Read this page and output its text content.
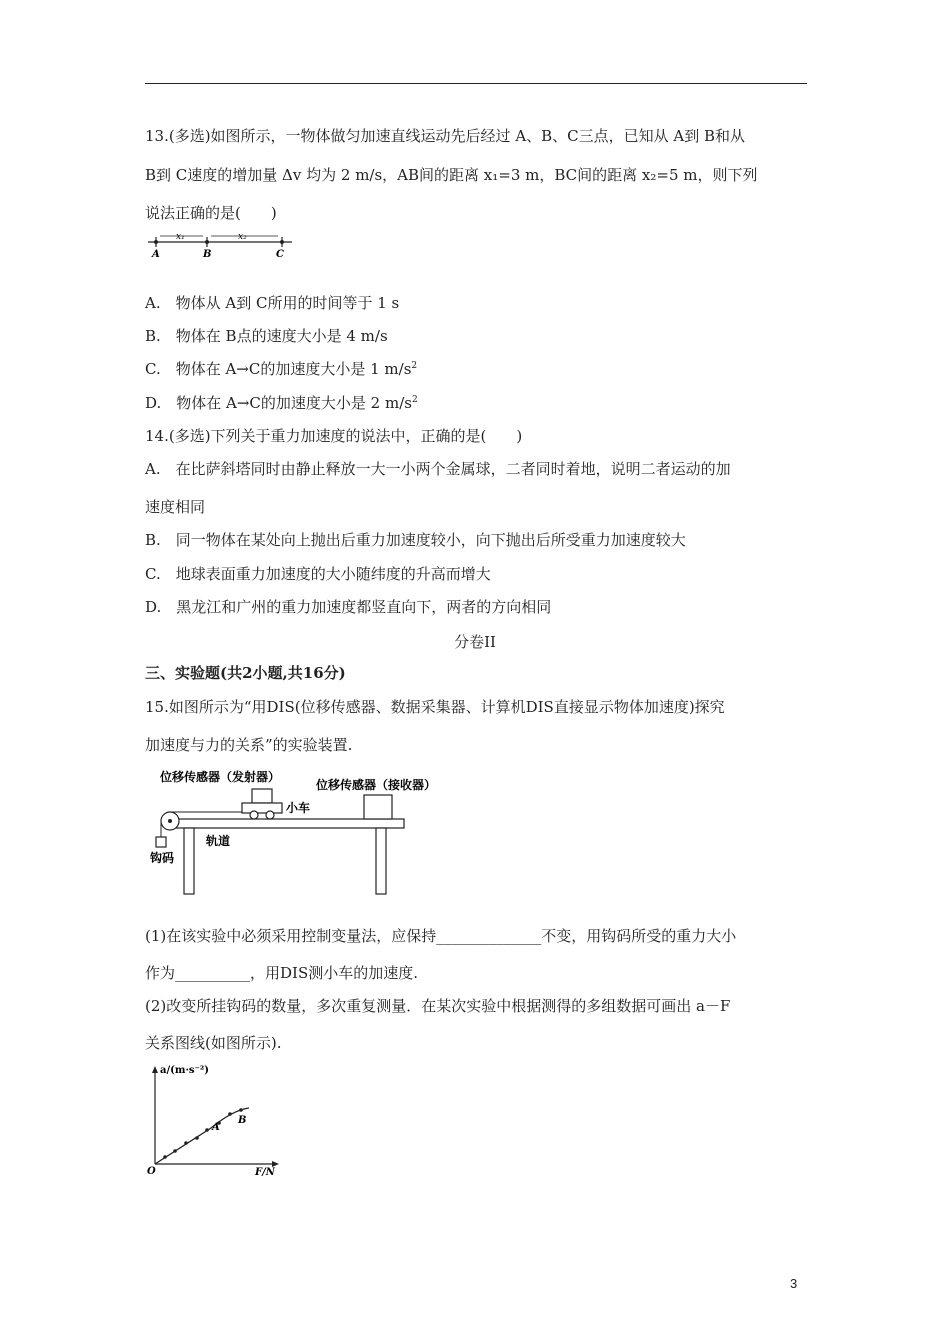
13.(多选)如图所示，一物体做匀加速直线运动先后经过 A、B、C三点，已知从 A到 B和从
B到 C速度的增加量 Δv 均为 2 m/s，AB间的距离 x₁=3 m，BC间的距离 x₂=5 m，则下列
说法正确的是(　　)
x₁	x₂
A	B	C
A.　物体从 A到 C所用的时间等于 1 s
B.　物体在 B点的速度大小是 4 m/s
C.　物体在 A→C的加速度大小是 1 $m/s^2$
D.　物体在 A→C的加速度大小是 2 $m/s^2$
14.(多选)下列关于重力加速度的说法中，正确的是(　　)
A.　在比萨斜塔同时由静止释放一大一小两个金属球，二者同时着地，说明二者运动的加
速度相同
B.　同一物体在某处向上抛出后重力加速度较小，向下抛出后所受重力加速度较大
C.　地球表面重力加速度的大小随纬度的升高而增大
D.　黑龙江和广州的重力加速度都竖直向下，两者的方向相同
分卷II
三、实验题(共2小题,共16分)
15.如图所示为“用DIS(位移传感器、数据采集器、计算机DIS直接显示物体加速度)探究
加速度与力的关系”的实验装置.
位移传感器（发射器）
位移传感器（接收器）
钩码
小车
轨道
(1)在该实验中必须采用控制变量法，应保持______________不变，用钩码所受的重力大小
作为__________，用DIS测小车的加速度.
(2)改变所挂钩码的数量，多次重复测量．在某次实验中根据测得的多组数据可画出 a－F
关系图线(如图所示).
a/(m·s⁻²)
F/N
O
A
B
3
